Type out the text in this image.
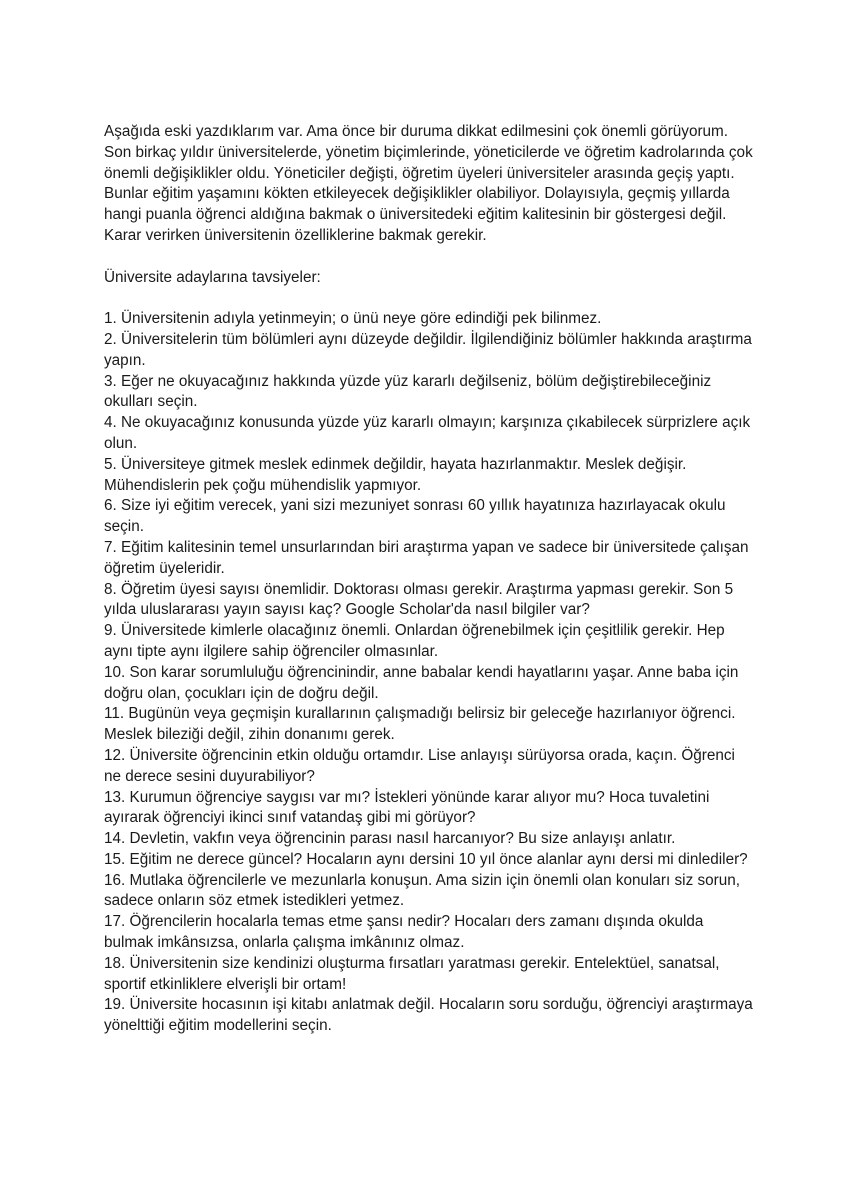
Aşağıda eski yazdıklarım var. Ama önce bir duruma dikkat edilmesini çok önemli görüyorum. Son birkaç yıldır üniversitelerde, yönetim biçimlerinde, yöneticilerde ve öğretim kadrolarında çok önemli değişiklikler oldu. Yöneticiler değişti, öğretim üyeleri üniversiteler arasında geçiş yaptı. Bunlar eğitim yaşamını kökten etkileyecek değişiklikler olabiliyor. Dolayısıyla, geçmiş yıllarda hangi puanla öğrenci aldığına bakmak o üniversitedeki eğitim kalitesinin bir göstergesi değil. Karar verirken üniversitenin özelliklerine bakmak gerekir.

Üniversite adaylarına tavsiyeler:

1. Üniversitenin adıyla yetinmeyin; o ünü neye göre edindiği pek bilinmez.

2. Üniversitelerin tüm bölümleri aynı düzeyde değildir. İlgilendiğiniz bölümler hakkında araştırma yapın.

3. Eğer ne okuyacağınız hakkında yüzde yüz kararlı değilseniz, bölüm değiştirebileceğiniz okulları seçin.

4. Ne okuyacağınız konusunda yüzde yüz kararlı olmayın; karşınıza çıkabilecek sürprizlere açık olun.

5. Üniversiteye gitmek meslek edinmek değildir, hayata hazırlanmaktır. Meslek değişir. Mühendislerin pek çoğu mühendislik yapmıyor.

6. Size iyi eğitim verecek, yani sizi mezuniyet sonrası 60 yıllık hayatınıza hazırlayacak okulu seçin.

7. Eğitim kalitesinin temel unsurlarından biri araştırma yapan ve sadece bir üniversitede çalışan öğretim üyeleridir.

8. Öğretim üyesi sayısı önemlidir. Doktorası olması gerekir. Araştırma yapması gerekir. Son 5 yılda uluslararası yayın sayısı kaç? Google Scholar'da nasıl bilgiler var?

9. Üniversitede kimlerle olacağınız önemli. Onlardan öğrenebilmek için çeşitlilik gerekir. Hep aynı tipte aynı ilgilere sahip öğrenciler olmasınlar.

10. Son karar sorumluluğu öğrencinindir, anne babalar kendi hayatlarını yaşar. Anne baba için doğru olan, çocukları için de doğru değil.

11. Bugünün veya geçmişin kurallarının çalışmadığı belirsiz bir geleceğe hazırlanıyor öğrenci. Meslek bileziği değil, zihin donanımı gerek.

12. Üniversite öğrencinin etkin olduğu ortamdır. Lise anlayışı sürüyorsa orada, kaçın. Öğrenci ne derece sesini duyurabiliyor?

13. Kurumun öğrenciye saygısı var mı? İstekleri yönünde karar alıyor mu? Hoca tuvaletini ayırarak öğrenciyi ikinci sınıf vatandaş gibi mi görüyor?

14. Devletin, vakfın veya öğrencinin parası nasıl harcanıyor? Bu size anlayışı anlatır.

15. Eğitim ne derece güncel? Hocaların aynı dersini 10 yıl önce alanlar aynı dersi mi dinlediler?

16. Mutlaka öğrencilerle ve mezunlarla konuşun. Ama sizin için önemli olan konuları siz sorun, sadece onların söz etmek istedikleri yetmez.

17. Öğrencilerin hocalarla temas etme şansı nedir? Hocaları ders zamanı dışında okulda bulmak imkânsızsa, onlarla çalışma imkânınız olmaz.

18. Üniversitenin size kendinizi oluşturma fırsatları yaratması gerekir. Entelektüel, sanatsal, sportif etkinliklere elverişli bir ortam!

19. Üniversite hocasının işi kitabı anlatmak değil. Hocaların soru sorduğu, öğrenciyi araştırmaya yönelttiği eğitim modellerini seçin.
